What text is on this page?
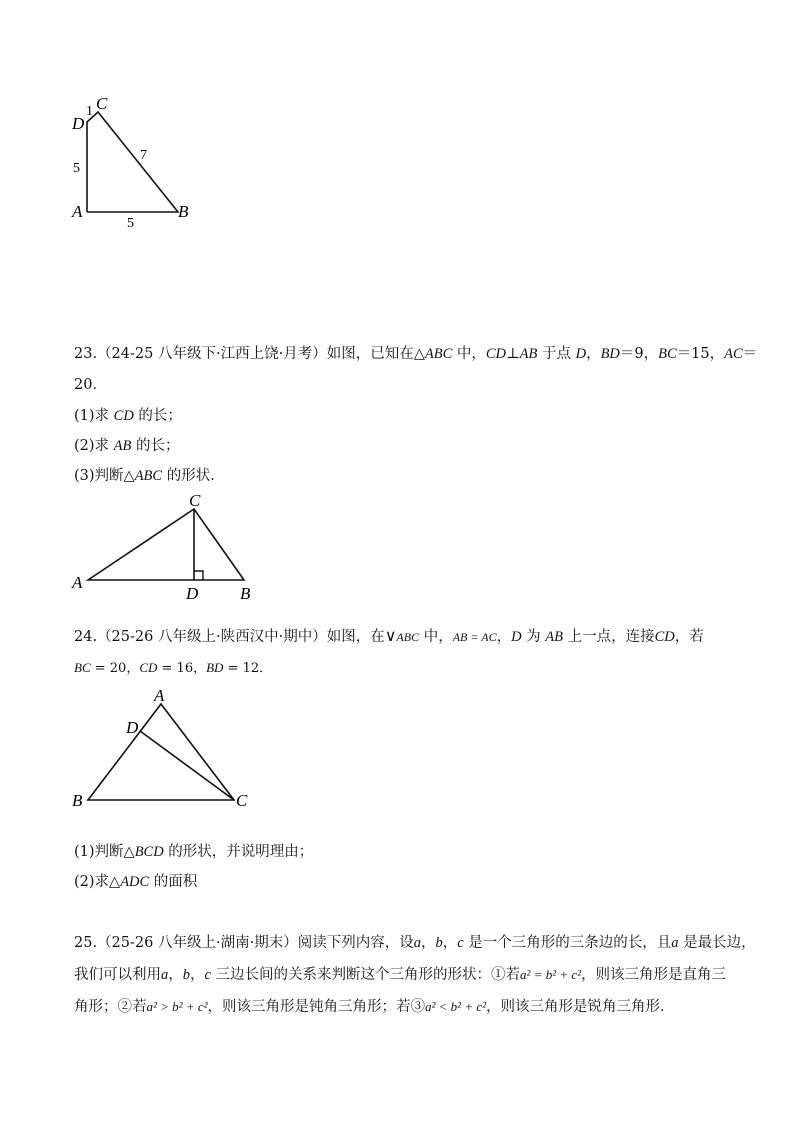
D
C
A	B
1
7
5
5
23.（24-25 八年级下·江西上饶·月考）如图，已知在△ABC 中，CD⊥AB 于点 D，BD＝9，BC＝15，AC＝
20．
(1)求 CD 的长；
(2)求 AB 的长；
(3)判断△ABC 的形状．
C
A
D B
24.（25-26 八年级上·陕西汉中·期中）如图，在∨ABC 中，AB = AC，D 为 AB 上一点，连接CD，若
BC = 20，CD = 16，BD = 12．
A
D
B	C
(1)判断△BCD 的形状，并说明理由；
(2)求△ADC 的面积
25.（25-26 八年级上·湖南·期末）阅读下列内容，设a，b，c 是一个三角形的三条边的长，且a 是最长边，
我们可以利用a，b，c 三边长间的关系来判断这个三角形的形状：①若a² = b² + c²，则该三角形是直角三
角形；②若a² > b² + c²，则该三角形是钝角三角形；若③a² < b² + c²，则该三角形是锐角三角形．
